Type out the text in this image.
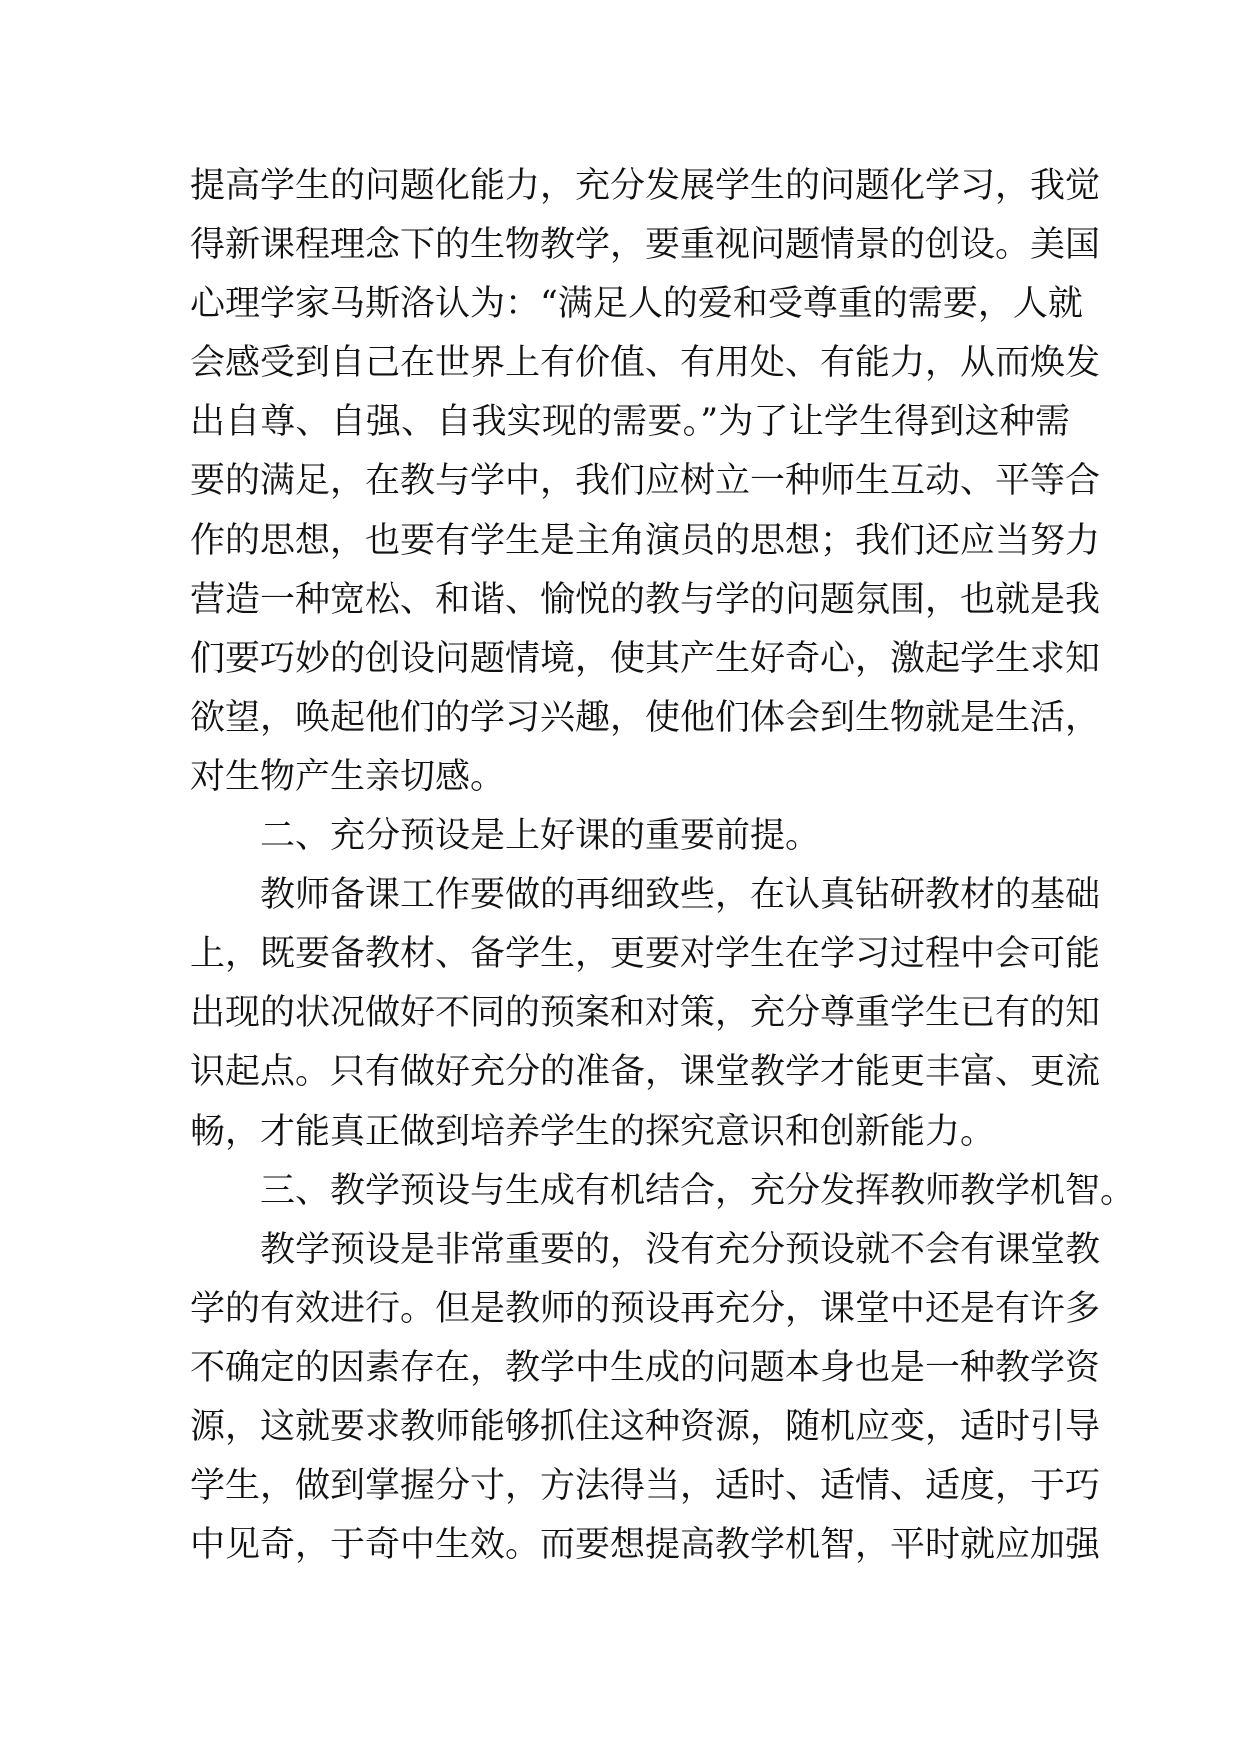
提高学生的问题化能力，充分发展学生的问题化学习，我觉
得新课程理念下的生物教学，要重视问题情景的创设。美国
心理学家马斯洛认为：“满足人的爱和受尊重的需要，人就
会感受到自己在世界上有价值、有用处、有能力，从而焕发
出自尊、自强、自我实现的需要。”为了让学生得到这种需
要的满足，在教与学中，我们应树立一种师生互动、平等合
作的思想，也要有学生是主角演员的思想；我们还应当努力
营造一种宽松、和谐、愉悦的教与学的问题氛围，也就是我
们要巧妙的创设问题情境，使其产生好奇心，激起学生求知
欲望，唤起他们的学习兴趣，使他们体会到生物就是生活，
对生物产生亲切感。
二、充分预设是上好课的重要前提。
教师备课工作要做的再细致些，在认真钻研教材的基础
上，既要备教材、备学生，更要对学生在学习过程中会可能
出现的状况做好不同的预案和对策，充分尊重学生已有的知
识起点。只有做好充分的准备，课堂教学才能更丰富、更流
畅，才能真正做到培养学生的探究意识和创新能力。
三、教学预设与生成有机结合，充分发挥教师教学机智。
教学预设是非常重要的，没有充分预设就不会有课堂教
学的有效进行。但是教师的预设再充分，课堂中还是有许多
不确定的因素存在，教学中生成的问题本身也是一种教学资
源，这就要求教师能够抓住这种资源，随机应变，适时引导
学生，做到掌握分寸，方法得当，适时、适情、适度，于巧
中见奇，于奇中生效。而要想提高教学机智，平时就应加强
